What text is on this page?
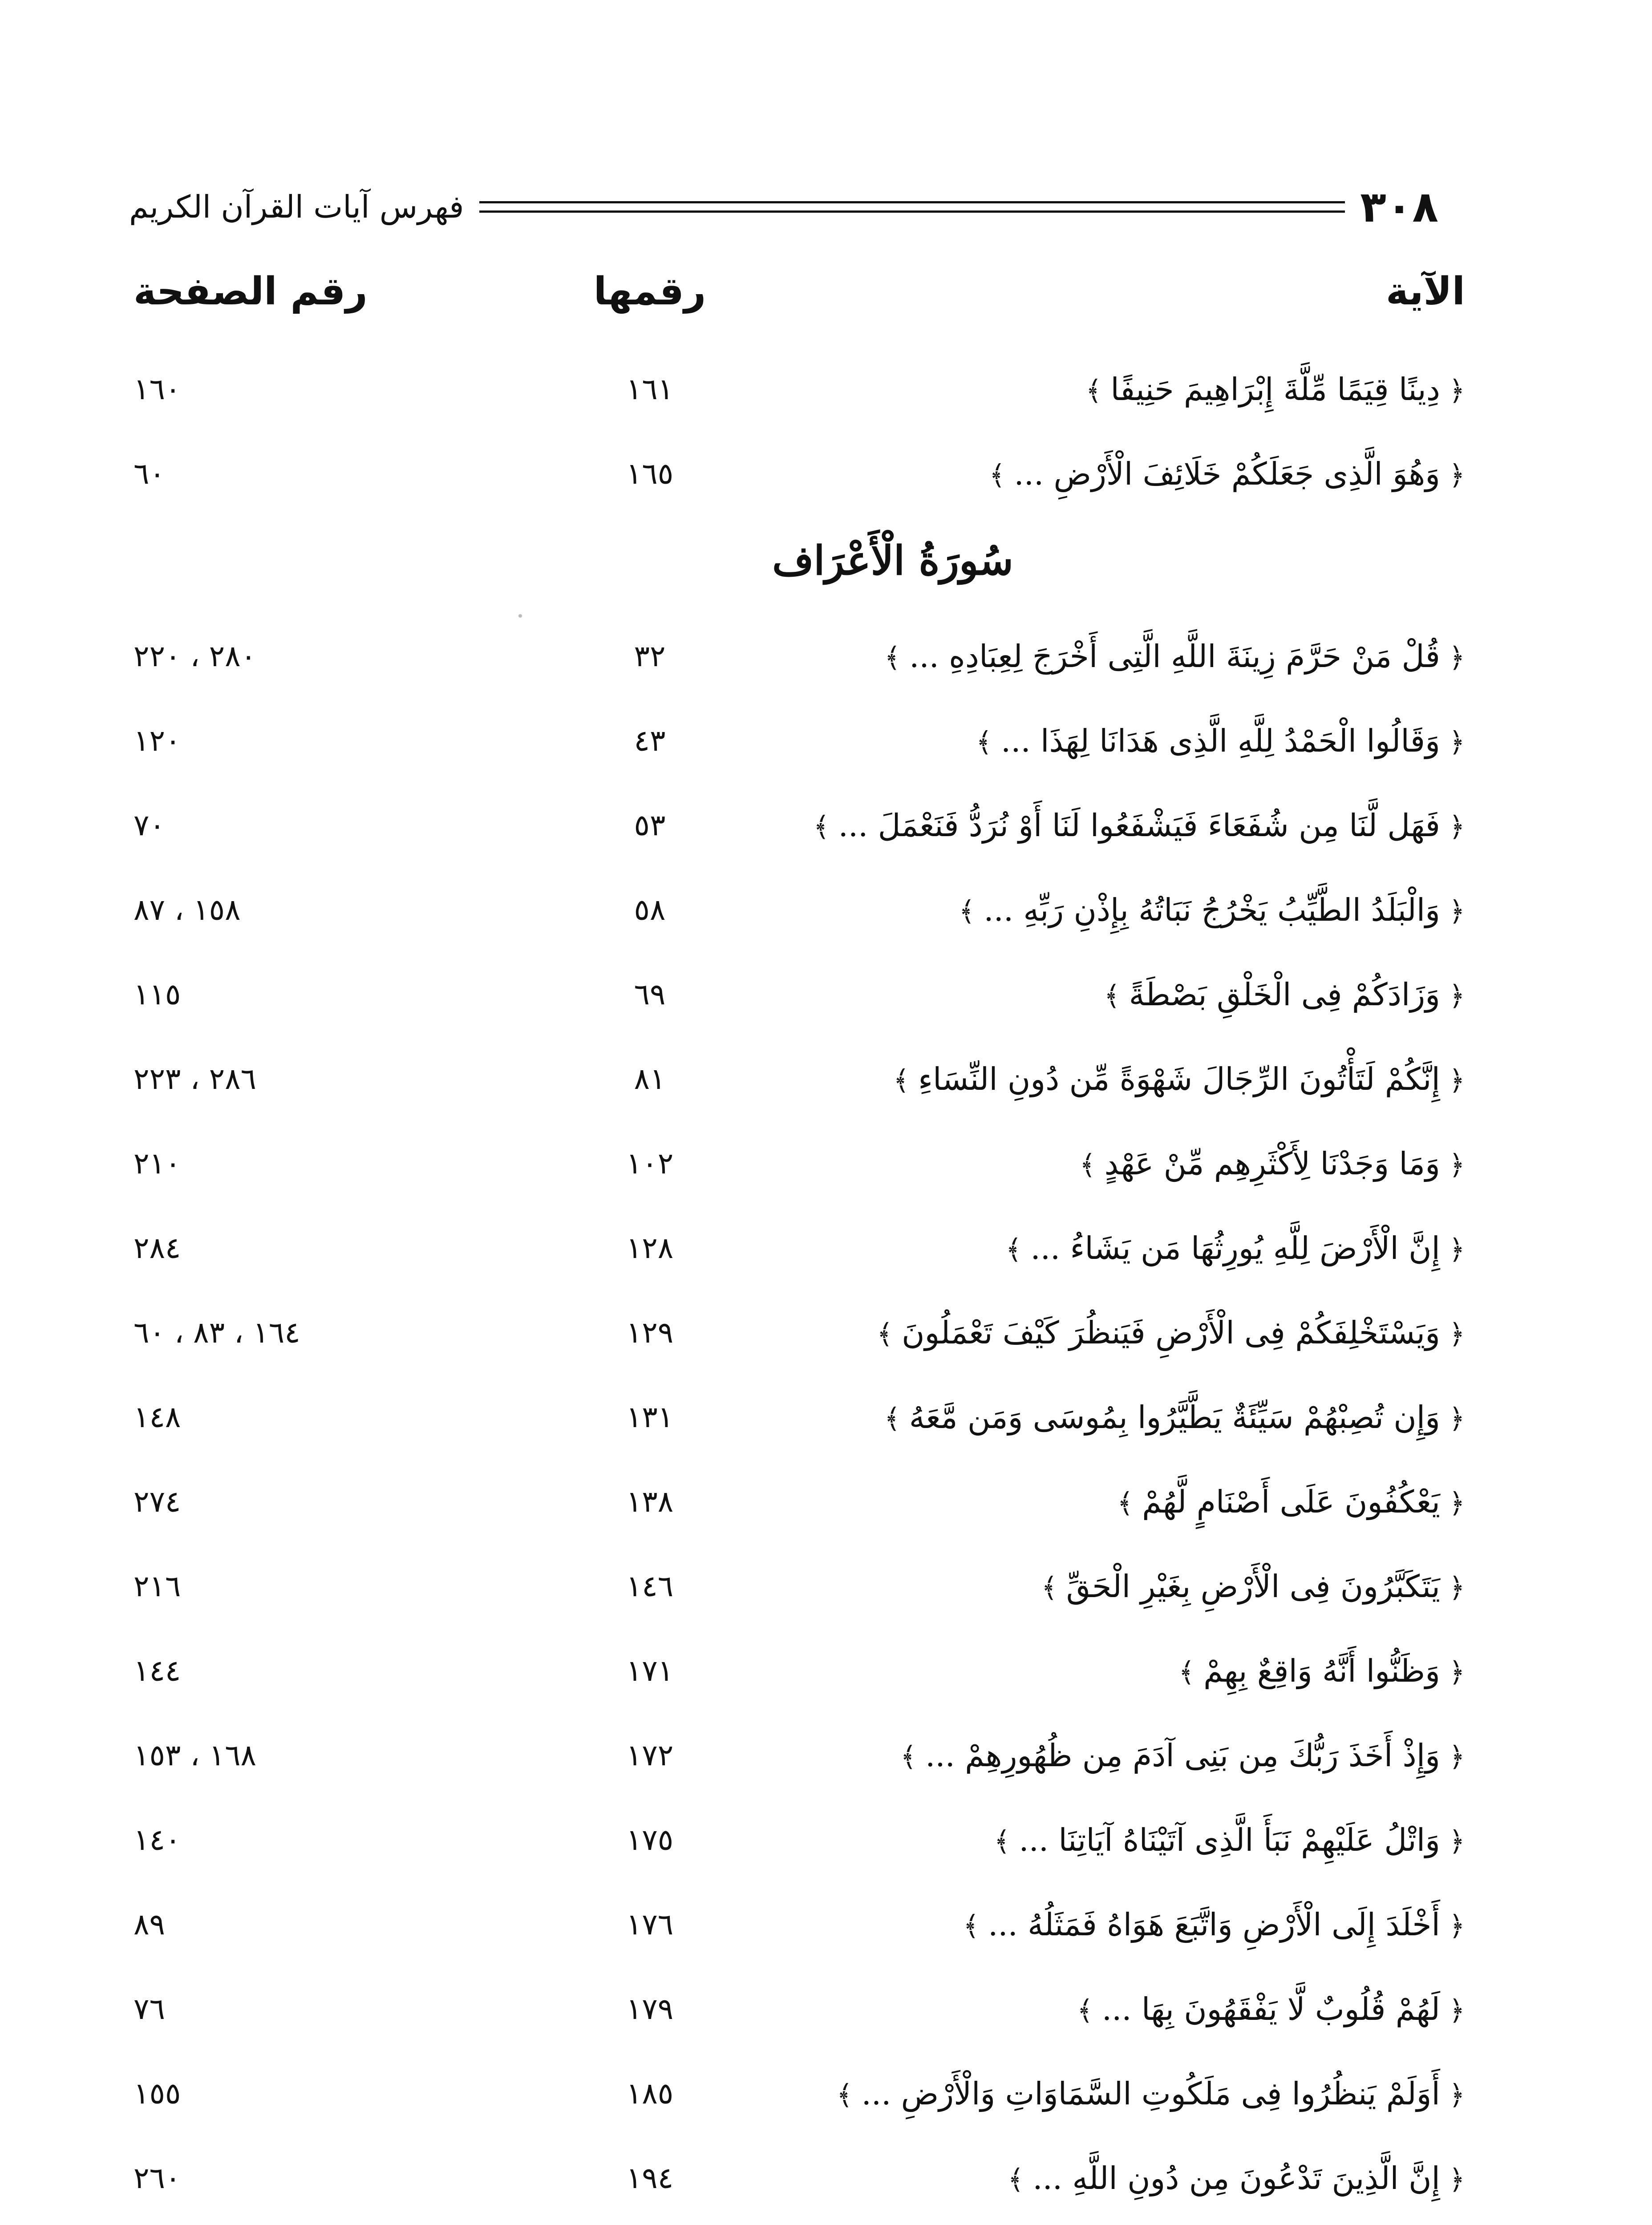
٣٠٨
فهرس آيات القرآن الكريم
الآية
رقمها
رقم الصفحة
﴿ دِينًا قِيَمًا مِّلَّةَ إِبْرَاهِيمَ حَنِيفًا ﴾
١٦١
١٦٠
﴿ وَهُوَ الَّذِى جَعَلَكُمْ خَلَائِفَ الْأَرْضِ ... ﴾
١٦٥
٦٠
سُورَةُ الْأَعْرَاف
﴿ قُلْ مَنْ حَرَّمَ زِينَةَ اللَّهِ الَّتِى أَخْرَجَ لِعِبَادِهِ ... ﴾
٣٢
٢٨٠ ، ٢٢٠
﴿ وَقَالُوا الْحَمْدُ لِلَّهِ الَّذِى هَدَانَا لِهَذَا ... ﴾
٤٣
١٢٠
﴿ فَهَل لَّنَا مِن شُفَعَاءَ فَيَشْفَعُوا لَنَا أَوْ نُرَدُّ فَنَعْمَلَ ... ﴾
٥٣
٧٠
﴿ وَالْبَلَدُ الطَّيِّبُ يَخْرُجُ نَبَاتُهُ بِإِذْنِ رَبِّهِ ... ﴾
٥٨
١٥٨ ، ٨٧
﴿ وَزَادَكُمْ فِى الْخَلْقِ بَصْطَةً ﴾
٦٩
١١٥
﴿ إِنَّكُمْ لَتَأْتُونَ الرِّجَالَ شَهْوَةً مِّن دُونِ النِّسَاءِ ﴾
٨١
٢٨٦ ، ٢٢٣
﴿ وَمَا وَجَدْنَا لِأَكْثَرِهِم مِّنْ عَهْدٍ ﴾
١٠٢
٢١٠
﴿ إِنَّ الْأَرْضَ لِلَّهِ يُورِثُهَا مَن يَشَاءُ ... ﴾
١٢٨
٢٨٤
﴿ وَيَسْتَخْلِفَكُمْ فِى الْأَرْضِ فَيَنظُرَ كَيْفَ تَعْمَلُونَ ﴾
١٢٩
١٦٤ ، ٨٣ ، ٦٠
﴿ وَإِن تُصِبْهُمْ سَيِّئَةٌ يَطَّيَّرُوا بِمُوسَى وَمَن مَّعَهُ ﴾
١٣١
١٤٨
﴿ يَعْكُفُونَ عَلَى أَصْنَامٍ لَّهُمْ ﴾
١٣٨
٢٧٤
﴿ يَتَكَبَّرُونَ فِى الْأَرْضِ بِغَيْرِ الْحَقِّ ﴾
١٤٦
٢١٦
﴿ وَظَنُّوا أَنَّهُ وَاقِعٌ بِهِمْ ﴾
١٧١
١٤٤
﴿ وَإِذْ أَخَذَ رَبُّكَ مِن بَنِى آدَمَ مِن ظُهُورِهِمْ ... ﴾
١٧٢
١٦٨ ، ١٥٣
﴿ وَاتْلُ عَلَيْهِمْ نَبَأَ الَّذِى آتَيْنَاهُ آيَاتِنَا ... ﴾
١٧٥
١٤٠
﴿ أَخْلَدَ إِلَى الْأَرْضِ وَاتَّبَعَ هَوَاهُ فَمَثَلُهُ ... ﴾
١٧٦
٨٩
﴿ لَهُمْ قُلُوبٌ لَّا يَفْقَهُونَ بِهَا ... ﴾
١٧٩
٧٦
﴿ أَوَلَمْ يَنظُرُوا فِى مَلَكُوتِ السَّمَاوَاتِ وَالْأَرْضِ ... ﴾
١٨٥
١٥٥
﴿ إِنَّ الَّذِينَ تَدْعُونَ مِن دُونِ اللَّهِ ... ﴾
١٩٤
٢٦٠
